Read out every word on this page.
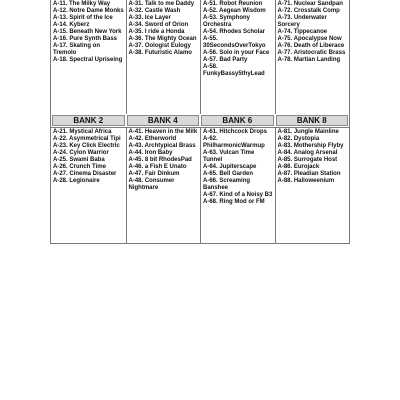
A-11. The Milky Way
A-12. Notre Dame Monks
A-13. Spirit of the Ice
A-14. Kyberz
A-15. Beneath New York
A-16. Pure Synth Bass
A-17. Skating on Tremolo
A-18. Spectral Upriseing
A-31. Talk to me Daddy
A-32. Castle Wash
A-33. Ice Layer
A-34. Sword of Orion
A-35. I ride a Honda
A-36. The Mighty Ocean
A-37. Oologist Eulogy
A-38. Futuristic Alamo
A-51. Robot Reunion
A-52. Aegean Wisdom
A-53. Symphony Orchestra
A-54. Rhodes Scholar
A-55. 30SecondsOverTokyo
A-56. Solo in your Face
A-57. Bad Party
A-58. FunkyBassy5thyLead
A-71. Nuclear Sandpan
A-72. Crosstalk Comp
A-73. Underwater Sorcery
A-74. Tippecanoe
A-75. Apocalypse Now
A-76. Death of Liberace
A-77. Aristocratic Brass
A-78. Martian Landing
BANK 2	BANK 4	BANK 6	BANK 8
A-21. Mystical Africa
A-22. Asymmetrical Tipi
A-23. Key Click Electric
A-24. Cylon Warrior
A-25. Swami Baba
A-26. Crunch Time
A-27. Cinema Disaster
A-28. Legionaire
A-41. Heaven in the Milk
A-42. Etherworld
A-43. Archtypical Brass
A-44. Iron Baby
A-45. 8 bit RhodesPad
A-46. a Fish E Unato
A-47. Fair Dinkum
A-48. Consumer Nightmare
A-61. Hitchcock Drops
A-62. PhilharmonicWarmup
A-63. Vulcan Time Tunnel
A-64. Jupiterscape
A-65. Bell Garden
A-66. Screaming Banshee
A-67. Kind of a Noisy B3
A-68. Ring Mod or FM
A-81. Jungle Mainline
A-82. Dystopia
A-83. Mothership Flyby
A-84. Analog Arsenal
A-85. Surrogate Host
A-86. Eurojack
A-87. Pleadian Station
A-88. Halloweenium
